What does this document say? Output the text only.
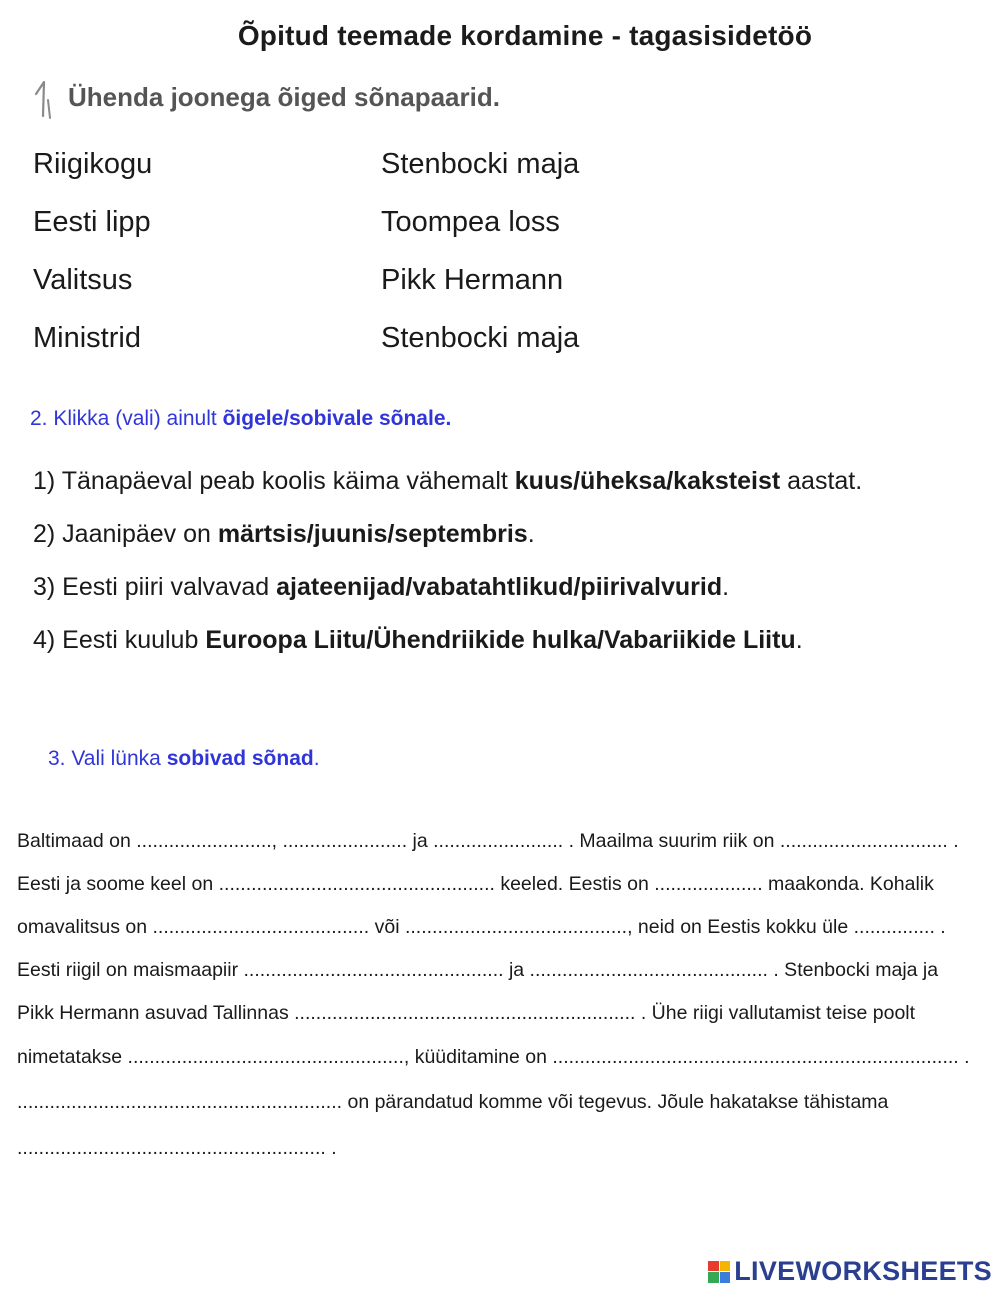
Õpitud teemade kordamine - tagasisidetöö
Ühenda joonega õiged sõnapaarid.
Riigikogu
Eesti lipp
Valitsus
Ministrid
Stenbocki maja
Toompea loss
Pikk Hermann
Stenbocki maja
2. Klikka (vali) ainult õigele/sobivale sõnale.
1) Tänapäeval peab koolis käima vähemalt kuus/üheksa/kaksteist aastat.
2) Jaanipäev on märtsis/juunis/septembris.
3) Eesti piiri valvavad ajateenijad/vabatahtlikud/piirivalvurid.
4) Eesti kuulub Euroopa Liitu/Ühendriikide hulka/Vabariikide Liitu.
3. Vali lünka sobivad sõnad.
Baltimaad on ........................., ....................... ja ........................ . Maailma suurim riik on ............................... .
Eesti ja soome keel on ................................................... keeled. Eestis on .................... maakonda. Kohalik
omavalitsus on ........................................ või ........................................., neid on Eestis kokku üle ............... .
Eesti riigil on maismaapiir ................................................ ja ............................................ . Stenbocki maja ja
Pikk Hermann asuvad Tallinnas ............................................................... . Ühe riigi vallutamist teise poolt
nimetatakse ..................................................., küüditamine on ........................................................................... .
............................................................ on pärandatud komme või tegevus. Jõule hakatakse tähistama
......................................................... .
LIVEWORKSHEETS
